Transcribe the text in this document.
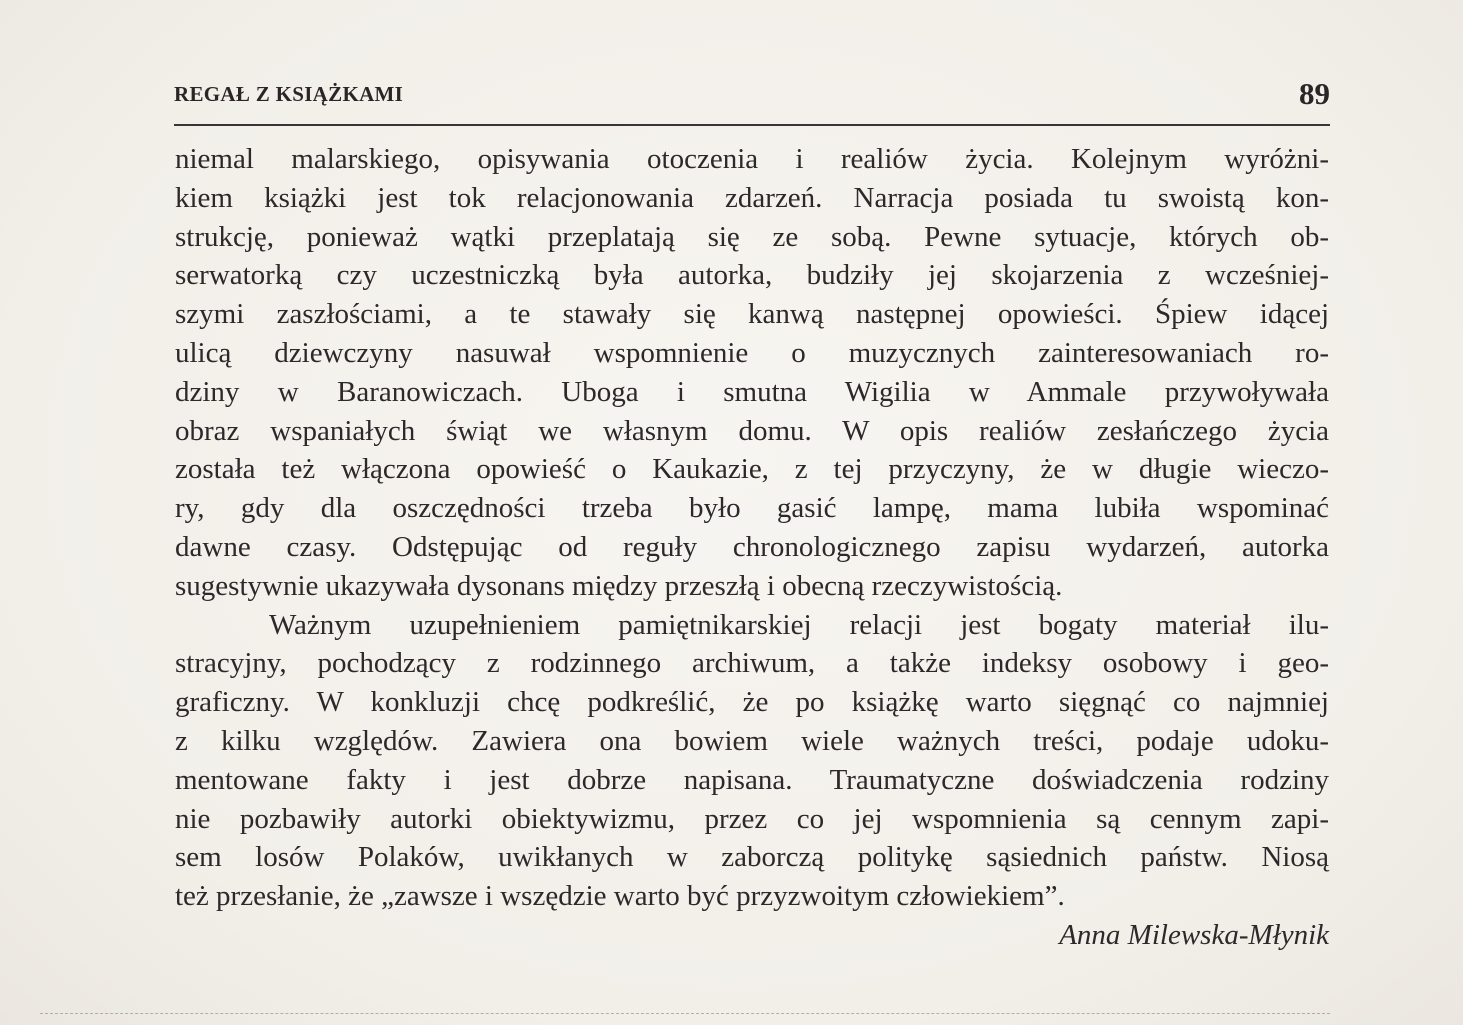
REGAŁ Z KSIĄŻKAMI	89
niemal malarskiego, opisywania otoczenia i realiów życia. Kolejnym wyróżni-
kiem książki jest tok relacjonowania zdarzeń. Narracja posiada tu swoistą kon-
strukcję, ponieważ wątki przeplatają się ze sobą. Pewne sytuacje, których ob-
serwatorką czy uczestniczką była autorka, budziły jej skojarzenia z wcześniej-
szymi zaszłościami, a te stawały się kanwą następnej opowieści. Śpiew idącej
ulicą dziewczyny nasuwał wspomnienie o muzycznych zainteresowaniach ro-
dziny w Baranowiczach. Uboga i smutna Wigilia w Ammale przywoływała
obraz wspaniałych świąt we własnym domu. W opis realiów zesłańczego życia
została też włączona opowieść o Kaukazie, z tej przyczyny, że w długie wieczo-
ry, gdy dla oszczędności trzeba było gasić lampę, mama lubiła wspominać
dawne czasy. Odstępując od reguły chronologicznego zapisu wydarzeń, autorka
sugestywnie ukazywała dysonans między przeszłą i obecną rzeczywistością.
Ważnym uzupełnieniem pamiętnikarskiej relacji jest bogaty materiał ilu-
stracyjny, pochodzący z rodzinnego archiwum, a także indeksy osobowy i geo-
graficzny. W konkluzji chcę podkreślić, że po książkę warto sięgnąć co najmniej
z kilku względów. Zawiera ona bowiem wiele ważnych treści, podaje udoku-
mentowane fakty i jest dobrze napisana. Traumatyczne doświadczenia rodziny
nie pozbawiły autorki obiektywizmu, przez co jej wspomnienia są cennym zapi-
sem losów Polaków, uwikłanych w zaborczą politykę sąsiednich państw. Niosą
też przesłanie, że „zawsze i wszędzie warto być przyzwoitym człowiekiem”.
Anna Milewska-Młynik
